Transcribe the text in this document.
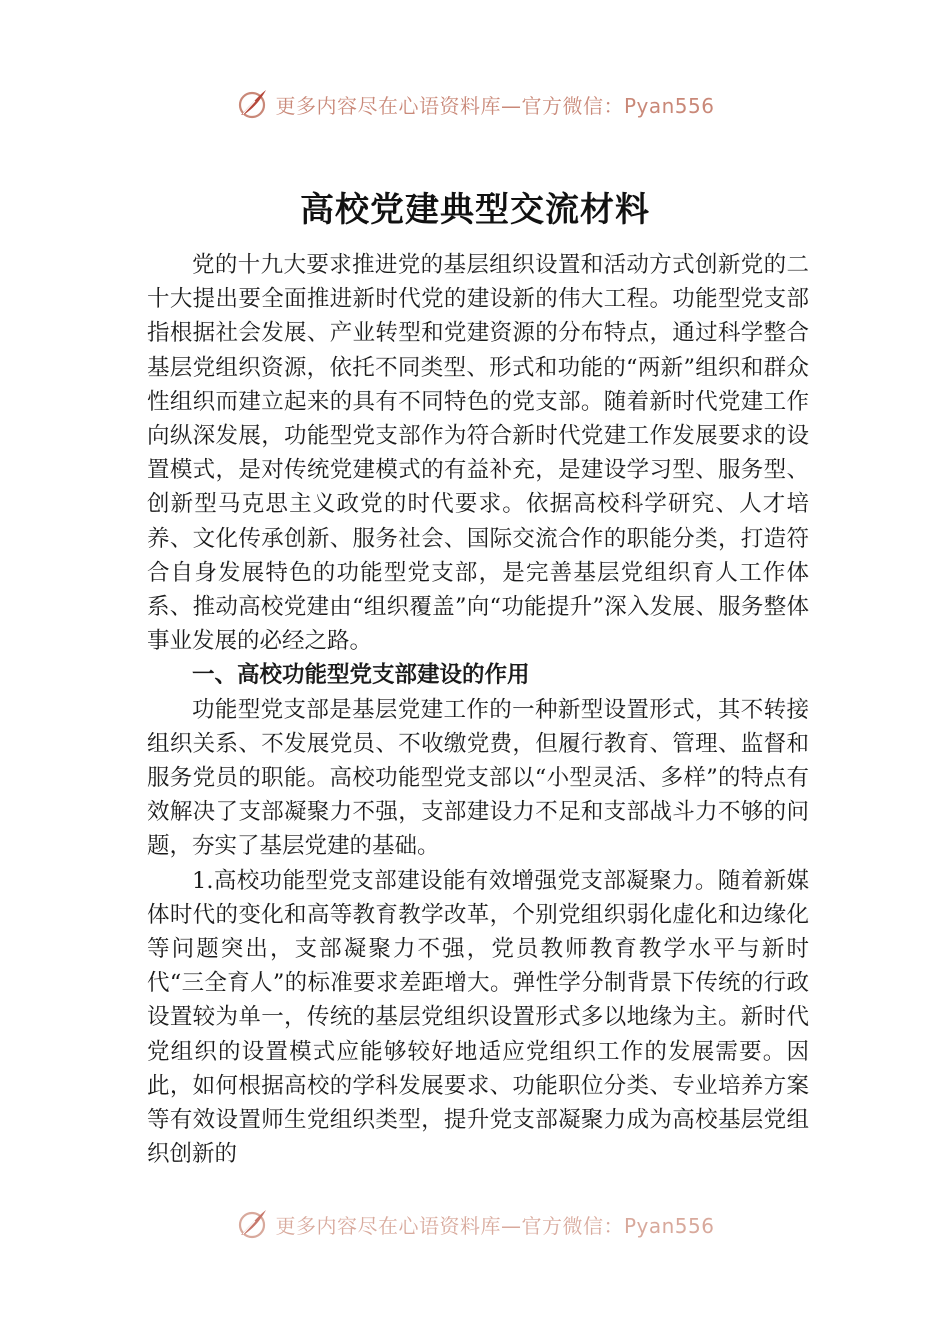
更多内容尽在心语资料库—官方微信：Pyan556
高校党建典型交流材料

党的十九大要求推进党的基层组织设置和活动方式创新党的二十大提出要全面推进新时代党的建设新的伟大工程。功能型党支部指根据社会发展、产业转型和党建资源的分布特点，通过科学整合基层党组织资源，依托不同类型、形式和功能的“两新”组织和群众性组织而建立起来的具有不同特色的党支部。随着新时代党建工作向纵深发展，功能型党支部作为符合新时代党建工作发展要求的设置模式，是对传统党建模式的有益补充，是建设学习型、服务型、创新型马克思主义政党的时代要求。依据高校科学研究、人才培养、文化传承创新、服务社会、国际交流合作的职能分类，打造符合自身发展特色的功能型党支部，是完善基层党组织育人工作体系、推动高校党建由“组织覆盖”向“功能提升”深入发展、服务整体事业发展的必经之路。

一、高校功能型党支部建设的作用

功能型党支部是基层党建工作的一种新型设置形式，其不转接组织关系、不发展党员、不收缴党费，但履行教育、管理、监督和服务党员的职能。高校功能型党支部以“小型灵活、多样”的特点有效解决了支部凝聚力不强，支部建设力不足和支部战斗力不够的问题，夯实了基层党建的基础。

1.高校功能型党支部建设能有效增强党支部凝聚力。随着新媒体时代的变化和高等教育教学改革，个别党组织弱化虚化和边缘化等问题突出，支部凝聚力不强，党员教师教育教学水平与新时代“三全育人”的标准要求差距增大。弹性学分制背景下传统的行政设置较为单一，传统的基层党组织设置形式多以地缘为主。新时代党组织的设置模式应能够较好地适应党组织工作的发展需要。因此，如何根据高校的学科发展要求、功能职位分类、专业培养方案等有效设置师生党组织类型，提升党支部凝聚力成为高校基层党组织创新的

更多内容尽在心语资料库—官方微信：Pyan556
